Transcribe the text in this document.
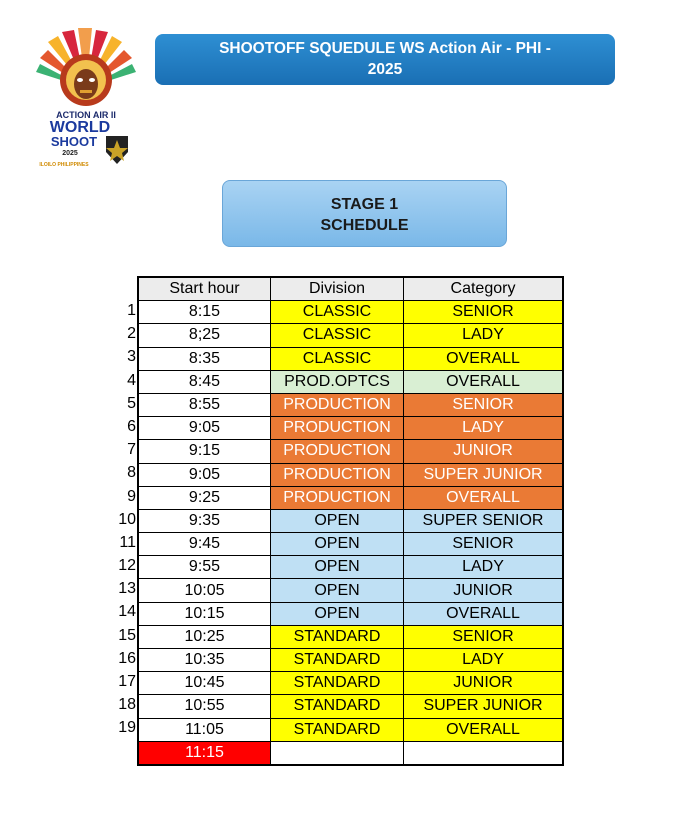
ACTION AIR II
WORLD
SHOOT
2025
ILOILO PHILIPPINES
SHOOTOFF SQUEDULE WS Action Air - PHI -
2025
STAGE 1
SCHEDULE
1
2
3
4
5
6
7
8
9
10
11
12
13
14
15
16
17
18
19
Start hour	Division	Category
8:15	CLASSIC	SENIOR
8;25	CLASSIC	LADY
8:35	CLASSIC	OVERALL
8:45	PROD.OPTCS	OVERALL
8:55	PRODUCTION	SENIOR
9:05	PRODUCTION	LADY
9:15	PRODUCTION	JUNIOR
9:05	PRODUCTION	SUPER JUNIOR
9:25	PRODUCTION	OVERALL
9:35	OPEN	SUPER SENIOR
9:45	OPEN	SENIOR
9:55	OPEN	LADY
10:05	OPEN	JUNIOR
10:15	OPEN	OVERALL
10:25	STANDARD	SENIOR
10:35	STANDARD	LADY
10:45	STANDARD	JUNIOR
10:55	STANDARD	SUPER JUNIOR
11:05	STANDARD	OVERALL
11:15		
